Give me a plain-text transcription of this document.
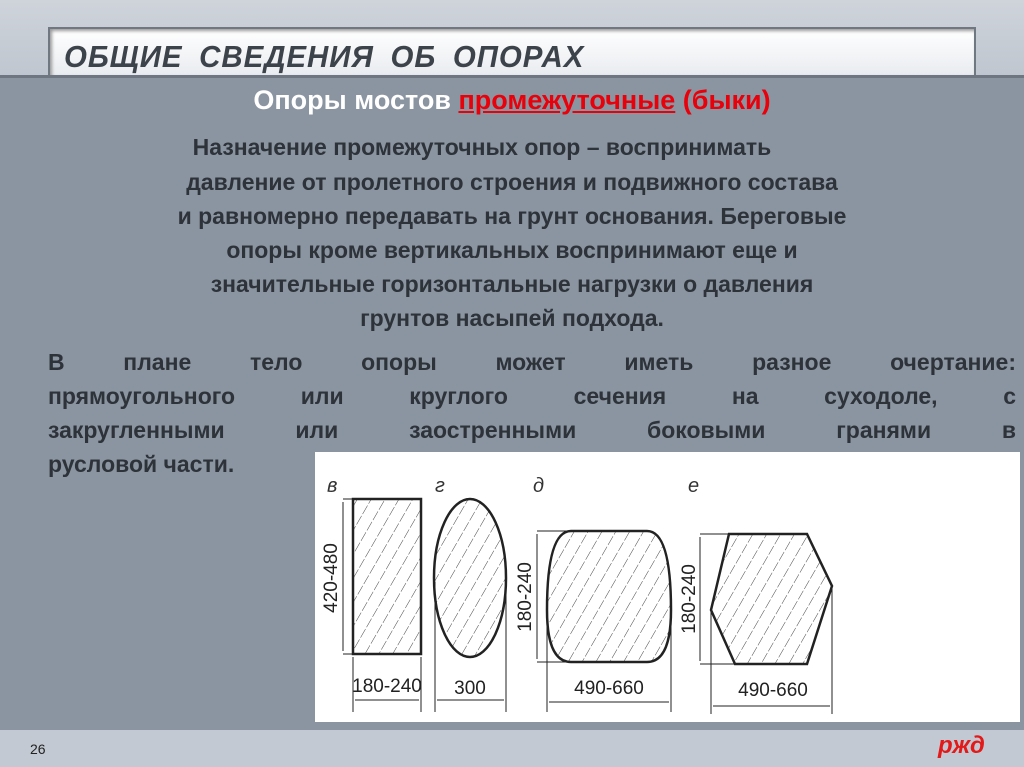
ОБЩИЕ СВЕДЕНИЯ ОБ ОПОРАХ
Опоры мостов промежуточные (быки)
Назначение промежуточных опор – воспринимать
давление от пролетного строения и подвижного состава
и равномерно передавать на грунт основания. Береговые
опоры кроме вертикальных воспринимают еще и
значительные горизонтальные нагрузки о давления
грунтов насыпей подхода.
В плане тело опоры может иметь разное очертание:
прямоугольного или круглого сечения на суходоле, с
закругленными или заостренными боковыми гранями в
русловой части.
в	г	д	е
420-480
180-240 300
180-240
490-660
180-240
490-660
26	ржд
